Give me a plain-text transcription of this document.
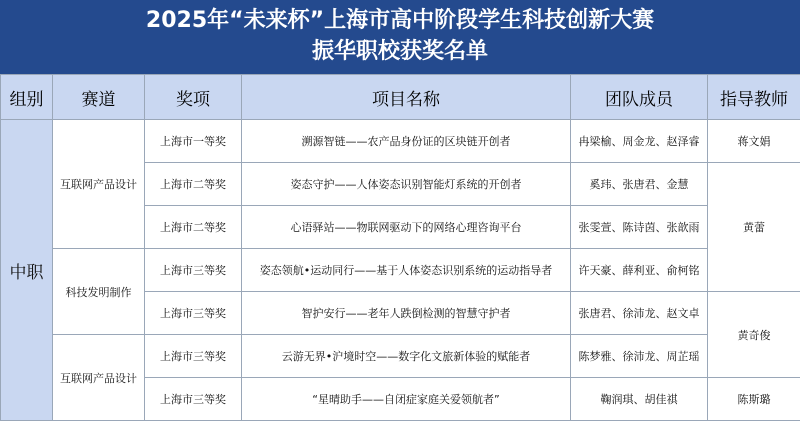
2025年“未来杯”上海市高中阶段学生科技创新大赛
振华职校获奖名单
组别	赛道	奖项	项目名称	团队成员	指导教师
中职	互联网产品设计	上海市一等奖	溯源智链——农产品身份证的区块链开创者	冉梁榆、周金龙、赵泽睿	蒋文娟
		上海市二等奖	姿态守护——人体姿态识别智能灯系统的开创者	奚玮、张唐君、金慧	黄蕾
		上海市二等奖	心语驿站——物联网驱动下的网络心理咨询平台	张雯萱、陈诗茵、张歆雨	
	科技发明制作	上海市三等奖	姿态领航•运动同行——基于人体姿态识别系统的运动指导者	许天豪、薛利亚、俞柯铭	
		上海市三等奖	智护安行——老年人跌倒检测的智慧守护者	张唐君、徐沛龙、赵文卓	黄奇俊
	互联网产品设计	上海市三等奖	云游无界•沪境时空——数字化文旅新体验的赋能者	陈梦雅、徐沛龙、周芷瑶	
		上海市三等奖	“星晴助手——自闭症家庭关爱领航者”	鞠润琪、胡佳祺	陈斯璐
